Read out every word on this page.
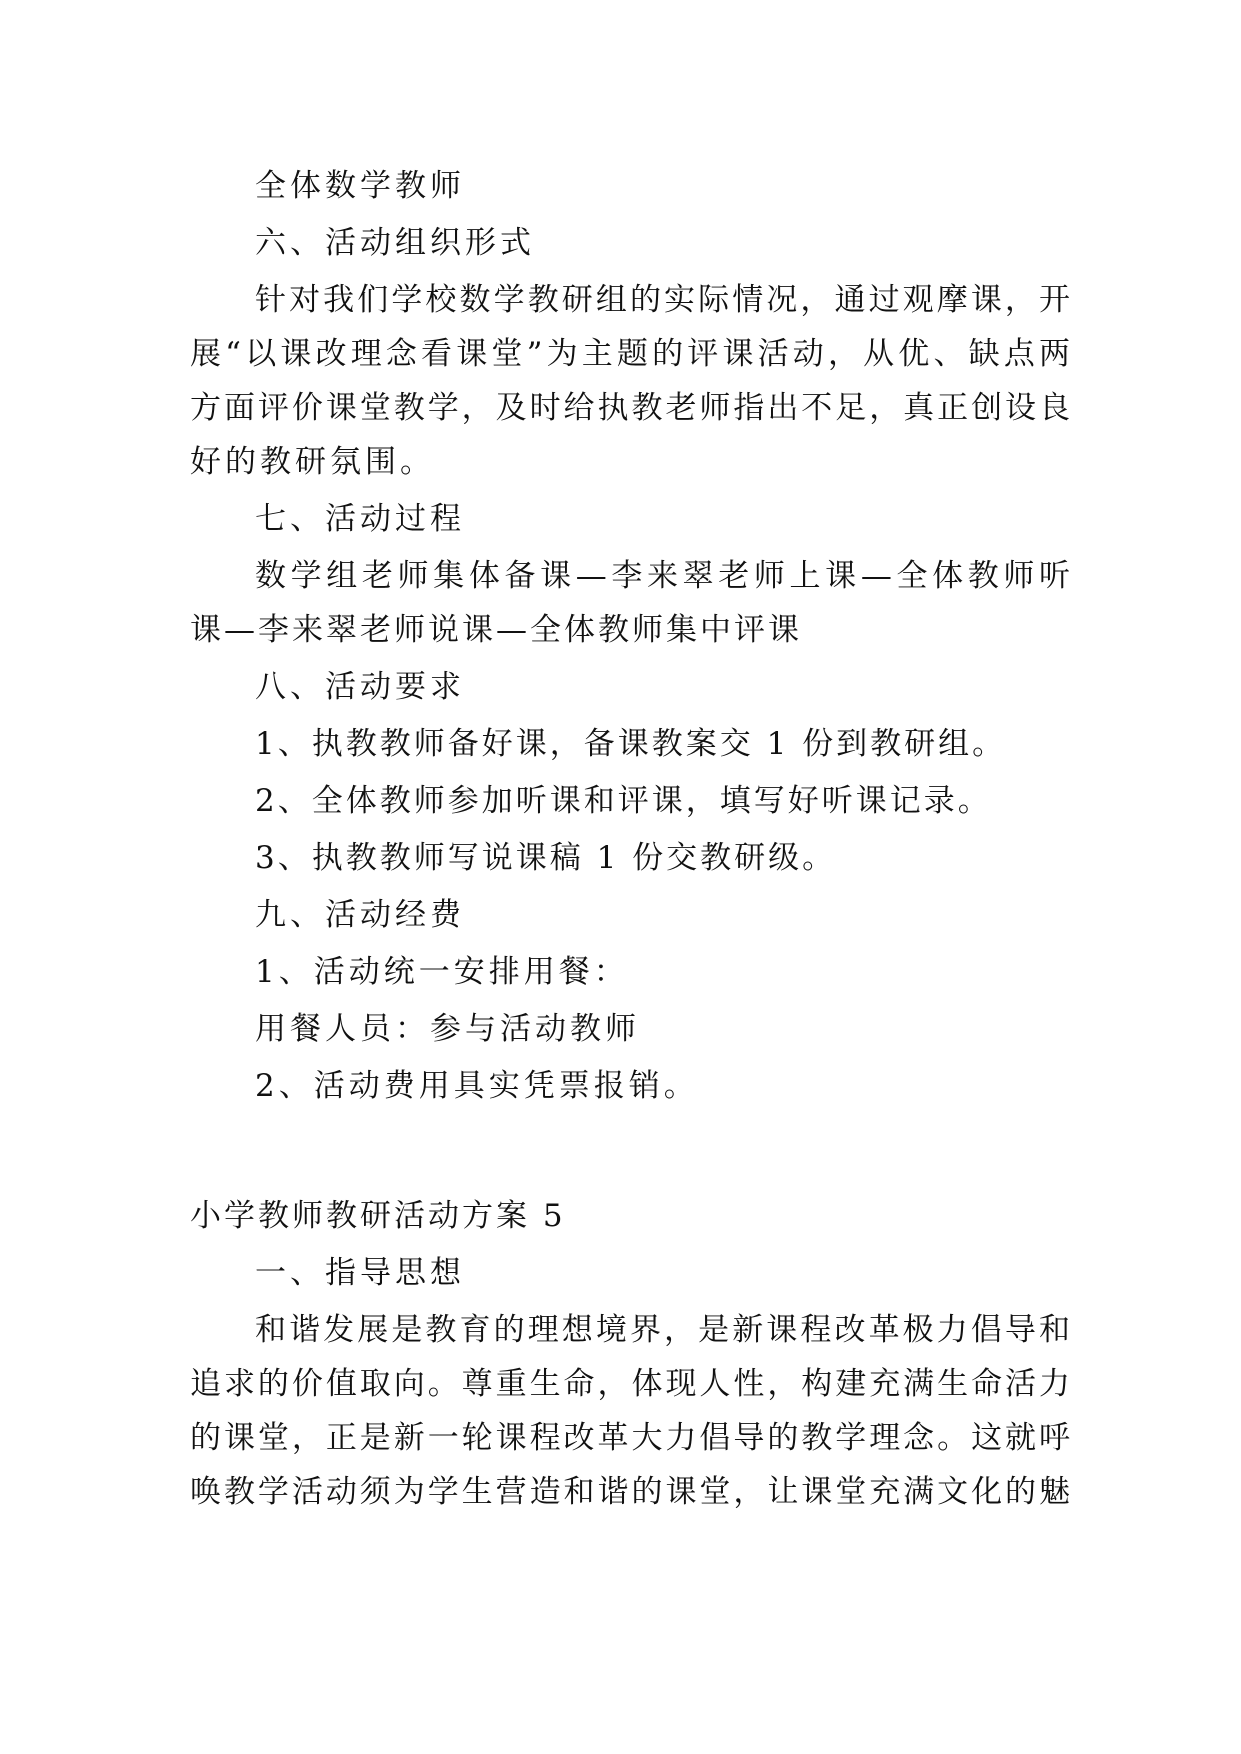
全体数学教师
六、活动组织形式
针对我们学校数学教研组的实际情况，通过观摩课，开
展“以课改理念看课堂”为主题的评课活动，从优、缺点两
方面评价课堂教学，及时给执教老师指出不足，真正创设良
好的教研氛围。
七、活动过程
数学组老师集体备课—李来翠老师上课—全体教师听
课—李来翠老师说课—全体教师集中评课
八、活动要求
1、执教教师备好课，备课教案交 1 份到教研组。
2、全体教师参加听课和评课，填写好听课记录。
3、执教教师写说课稿 1 份交教研级。
九、活动经费
1、活动统一安排用餐：
用餐人员：参与活动教师
2、活动费用具实凭票报销。
小学教师教研活动方案 5
一、指导思想
和谐发展是教育的理想境界，是新课程改革极力倡导和
追求的价值取向。尊重生命，体现人性，构建充满生命活力
的课堂，正是新一轮课程改革大力倡导的教学理念。这就呼
唤教学活动须为学生营造和谐的课堂，让课堂充满文化的魅
